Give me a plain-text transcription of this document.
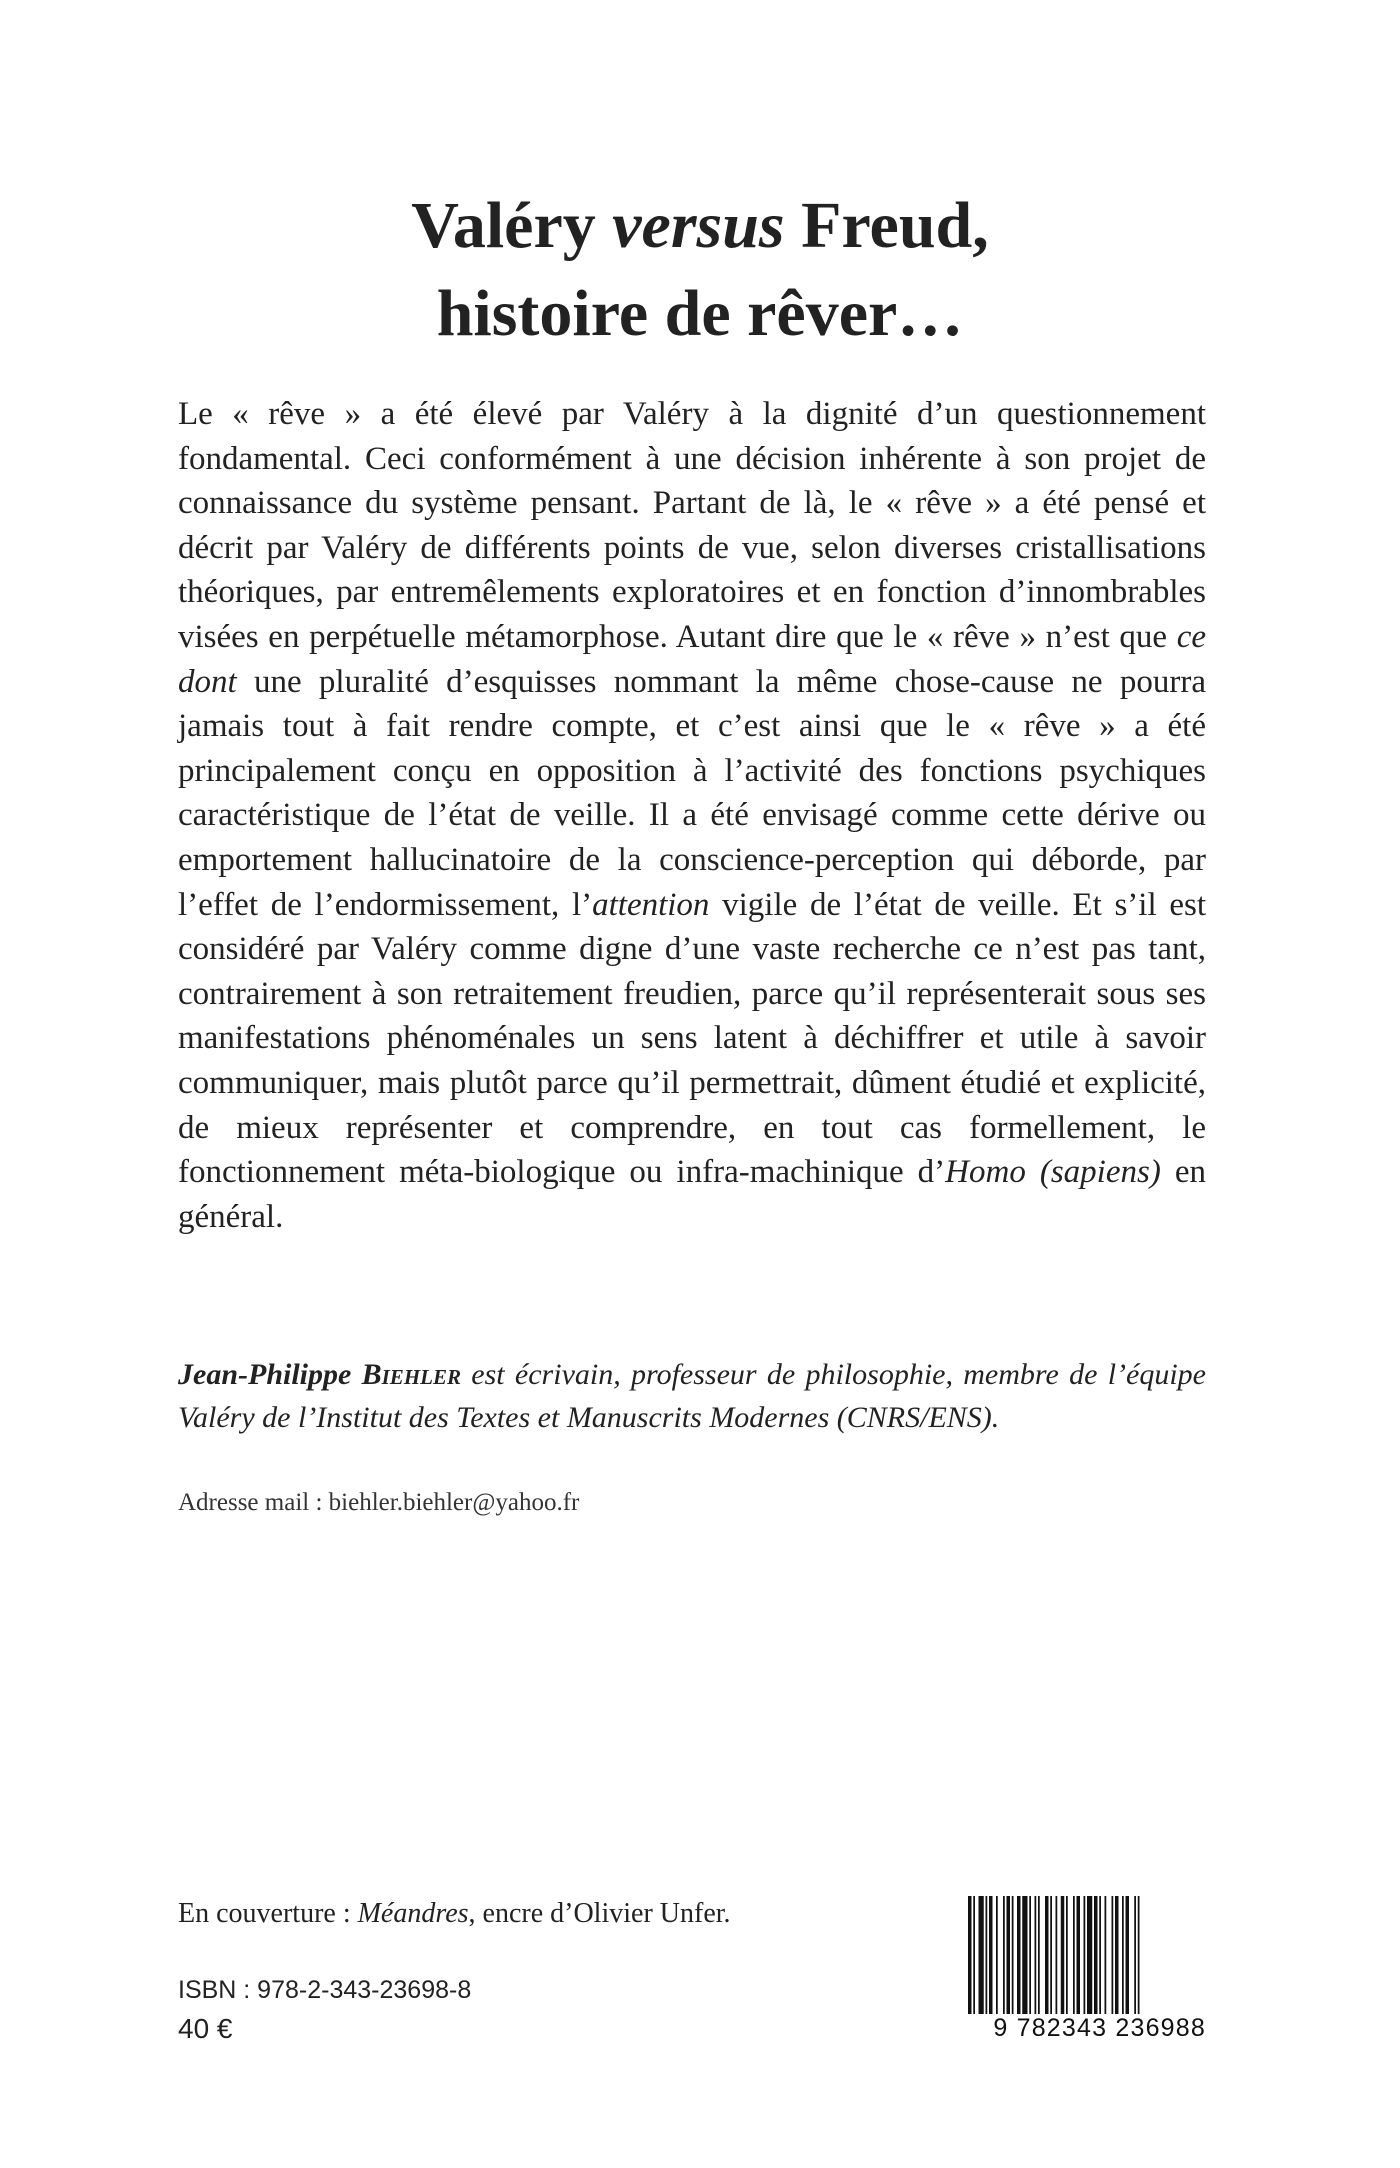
Valéry versus Freud,
histoire de rêver…

Le « rêve » a été élevé par Valéry à la dignité d’un questionnement fondamental. Ceci conformément à une décision inhérente à son projet de connaissance du système pensant. Partant de là, le « rêve » a été pensé et décrit par Valéry de différents points de vue, selon diverses cristallisations théoriques, par entremêlements exploratoires et en fonction d’innombrables visées en perpétuelle métamorphose. Autant dire que le « rêve » n’est que ce dont une pluralité d’esquisses nommant la même chose-cause ne pourra jamais tout à fait rendre compte, et c’est ainsi que le « rêve » a été principalement conçu en opposition à l’activité des fonctions psychiques caractéristique de l’état de veille. Il a été envisagé comme cette dérive ou emportement hallucinatoire de la conscience-perception qui déborde, par l’effet de l’endormissement, l’attention vigile de l’état de veille. Et s’il est considéré par Valéry comme digne d’une vaste recherche ce n’est pas tant, contrairement à son retraitement freudien, parce qu’il représenterait sous ses manifestations phénoménales un sens latent à déchiffrer et utile à savoir communiquer, mais plutôt parce qu’il permettrait, dûment étudié et explicité, de mieux représenter et comprendre, en tout cas formellement, le fonctionnement méta-biologique ou infra-machinique d’Homo (sapiens) en général.

Jean-Philippe Biehler est écrivain, professeur de philosophie, membre de l’équipe Valéry de l’Institut des Textes et Manuscrits Modernes (CNRS/ENS).
Adresse mail : biehler.biehler@yahoo.fr
En couverture : Méandres, encre d’Olivier Unfer.
ISBN : 978-2-343-23698-8
40 €	9 782343 236988
